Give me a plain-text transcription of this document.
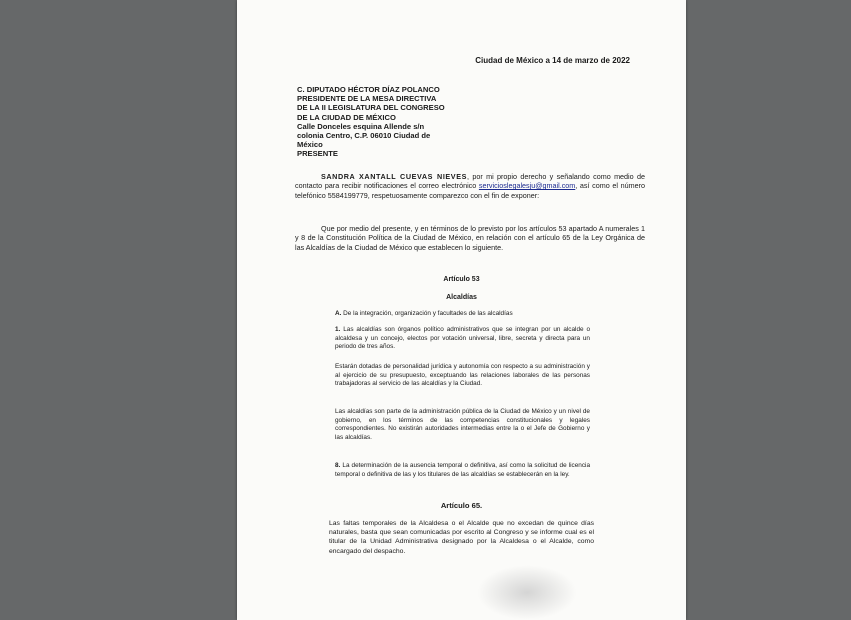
Ciudad de México a 14 de marzo de 2022
C. DIPUTADO HÉCTOR DÍAZ POLANCO
PRESIDENTE DE LA MESA DIRECTIVA
DE LA II LEGISLATURA DEL CONGRESO
DE LA CIUDAD DE MÉXICO
Calle Donceles esquina Allende s/n
colonia Centro, C.P. 06010 Ciudad de
México
PRESENTE

SANDRA XANTALL CUEVAS NIEVES, por mi propio derecho y señalando como medio de contacto para recibir notificaciones el correo electrónico servicioslegalesju@gmail.com, así como el número telefónico 5584199779, respetuosamente comparezco con el fin de exponer:

Que por medio del presente, y en términos de lo previsto por los artículos 53 apartado A numerales 1 y 8 de la Constitución Política de la Ciudad de México, en relación con el artículo 65 de la Ley Orgánica de las Alcaldías de la Ciudad de México que establecen lo siguiente.

Artículo 53
Alcaldías

A. De la integración, organización y facultades de las alcaldías

1. Las alcaldías son órganos político administrativos que se integran por un alcalde o alcaldesa y un concejo, electos por votación universal, libre, secreta y directa para un periodo de tres años.

Estarán dotadas de personalidad jurídica y autonomía con respecto a su administración y al ejercicio de su presupuesto, exceptuando las relaciones laborales de las personas trabajadoras al servicio de las alcaldías y la Ciudad.

Las alcaldías son parte de la administración pública de la Ciudad de México y un nivel de gobierno, en los términos de las competencias constitucionales y legales correspondientes. No existirán autoridades intermedias entre la o el Jefe de Gobierno y las alcaldías.

8. La determinación de la ausencia temporal o definitiva, así como la solicitud de licencia temporal o definitiva de las y los titulares de las alcaldías se establecerán en la ley.

Artículo 65.

Las faltas temporales de la Alcaldesa o el Alcalde que no excedan de quince días naturales, basta que sean comunicadas por escrito al Congreso y se informe cual es el titular de la Unidad Administrativa designado por la Alcaldesa o el Alcalde, como encargado del despacho.
